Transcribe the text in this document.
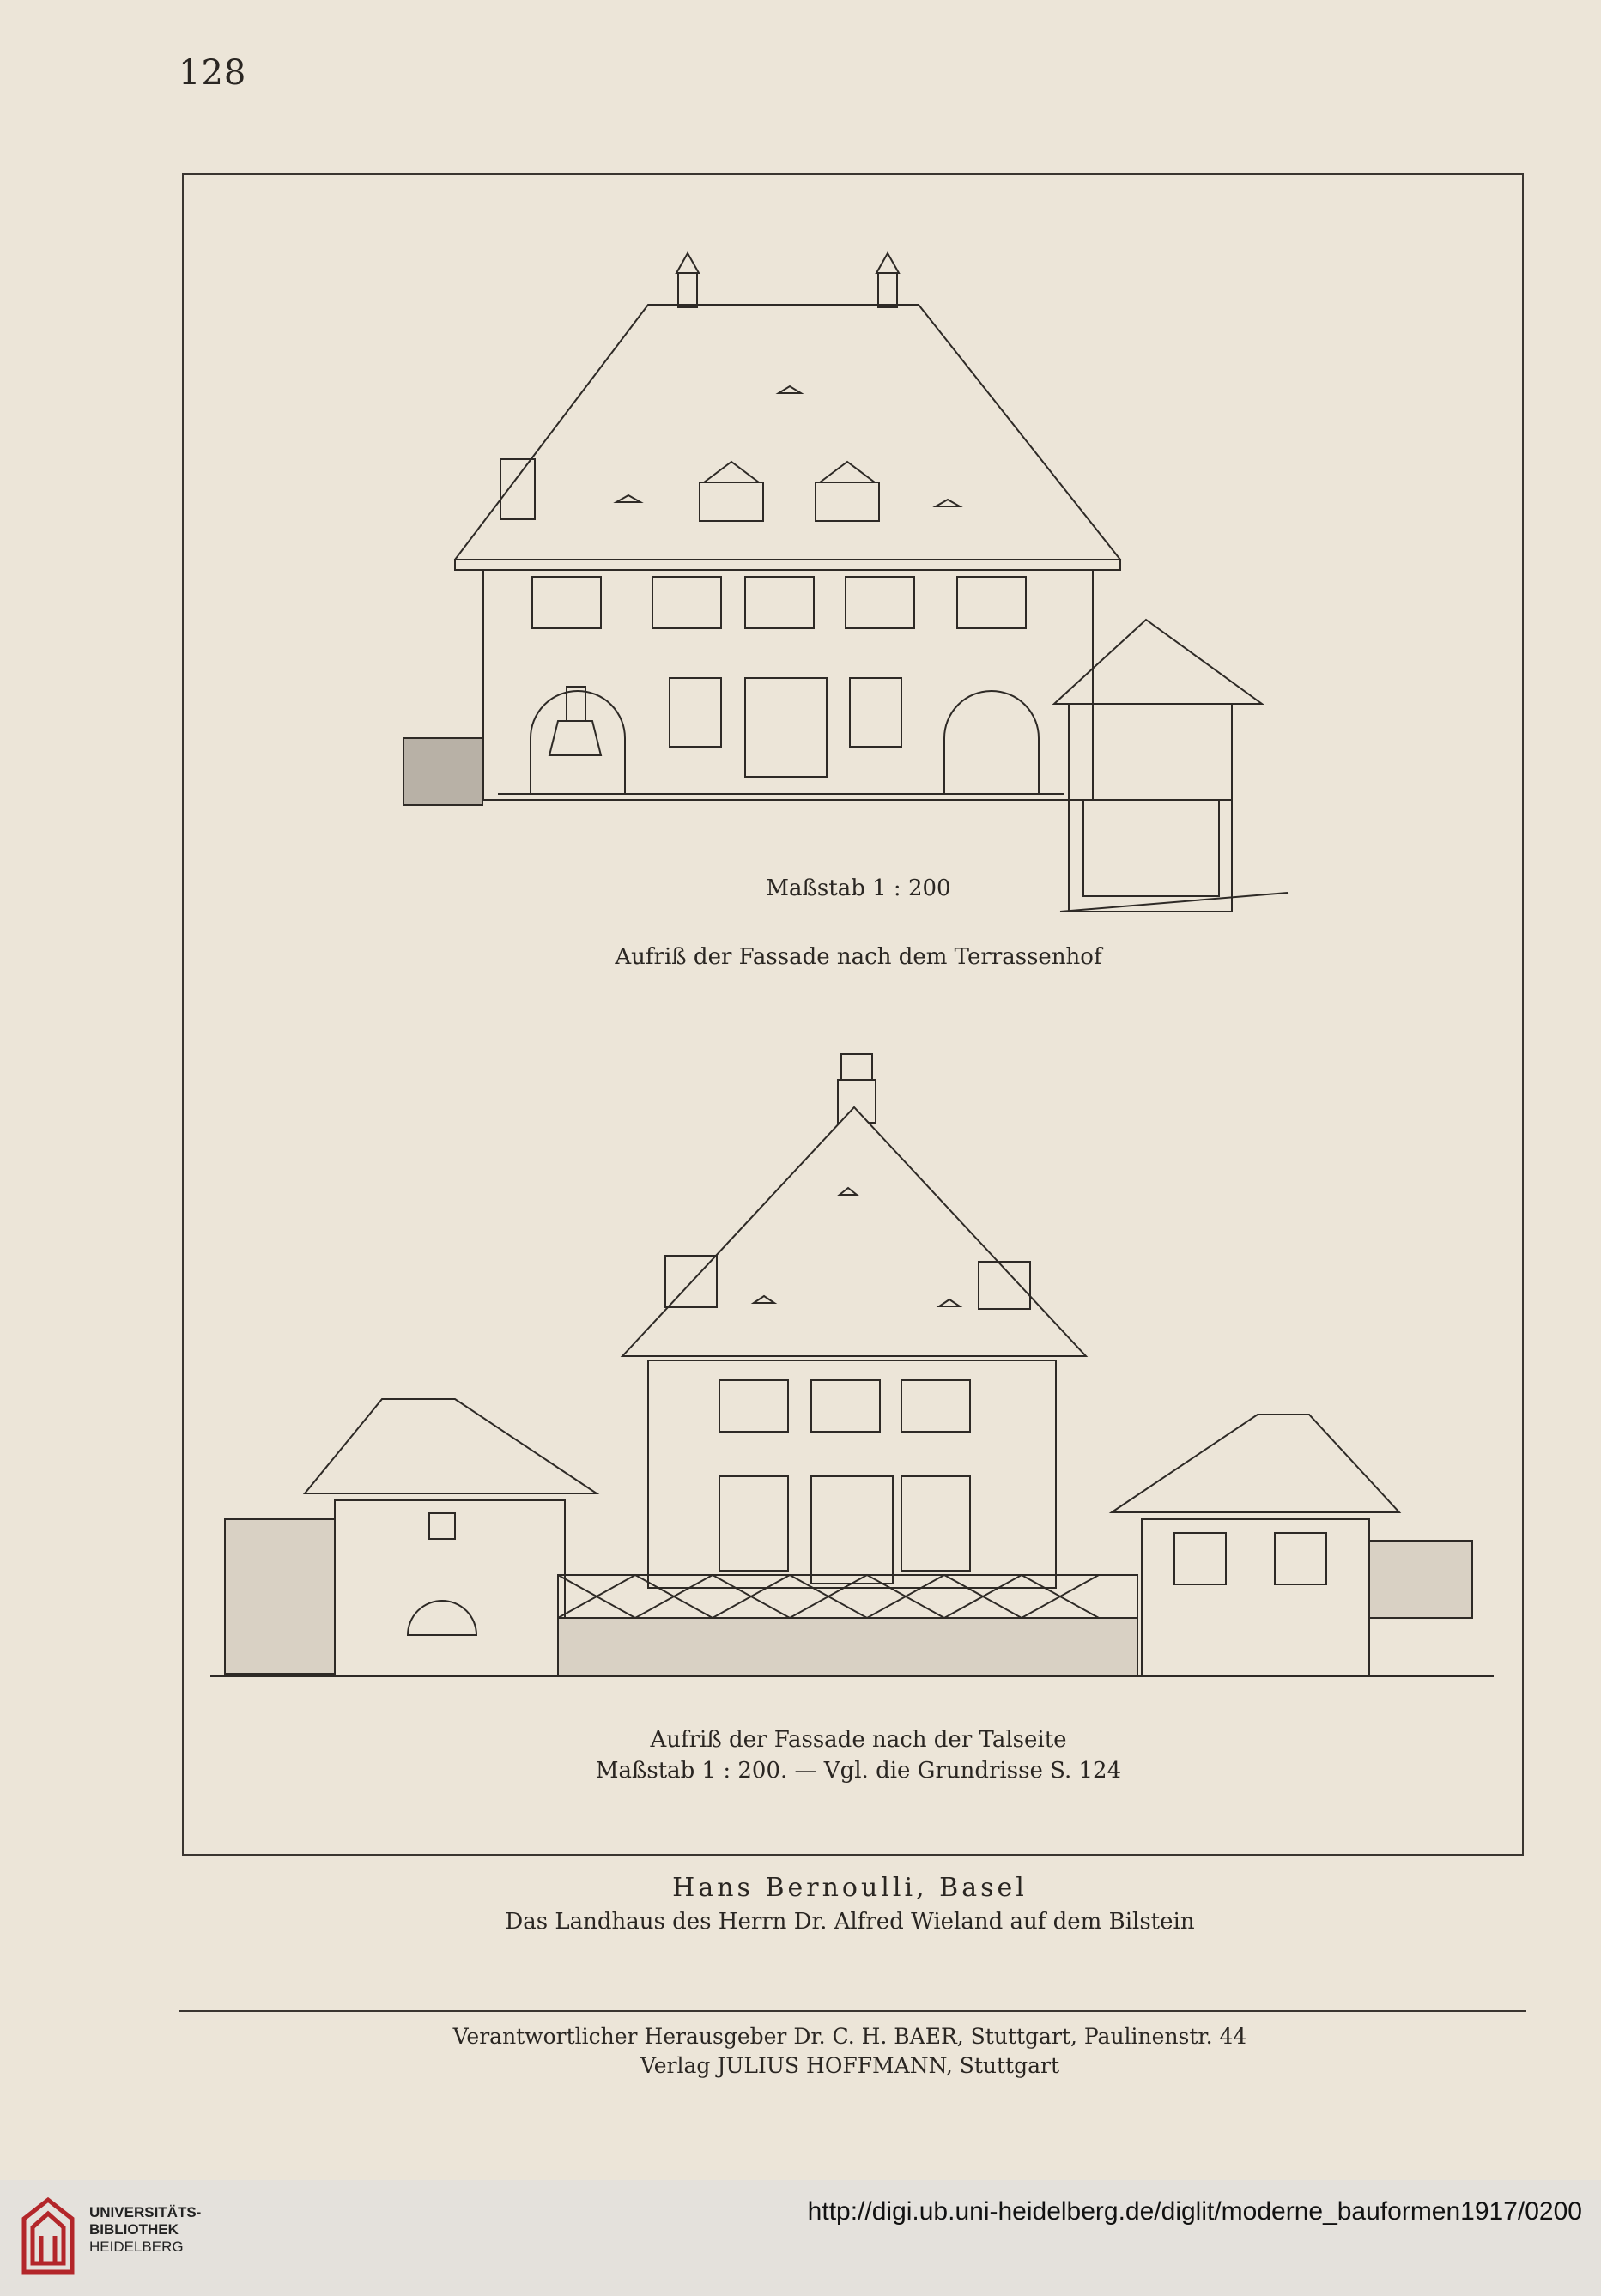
128
Maßstab 1 : 200
Aufriß der Fassade nach dem Terrassenhof
Aufriß der Fassade nach der Talseite
Maßstab 1 : 200. — Vgl. die Grundrisse S. 124
Hans Bernoulli, Basel
Das Landhaus des Herrn Dr. Alfred Wieland auf dem Bilstein
Verantwortlicher Herausgeber Dr. C. H. BAER, Stuttgart, Paulinenstr. 44
Verlag JULIUS HOFFMANN, Stuttgart
UNIVERSITÄTS-
BIBLIOTHEK
HEIDELBERG
http://digi.ub.uni-heidelberg.de/diglit/moderne_bauformen1917/0200
